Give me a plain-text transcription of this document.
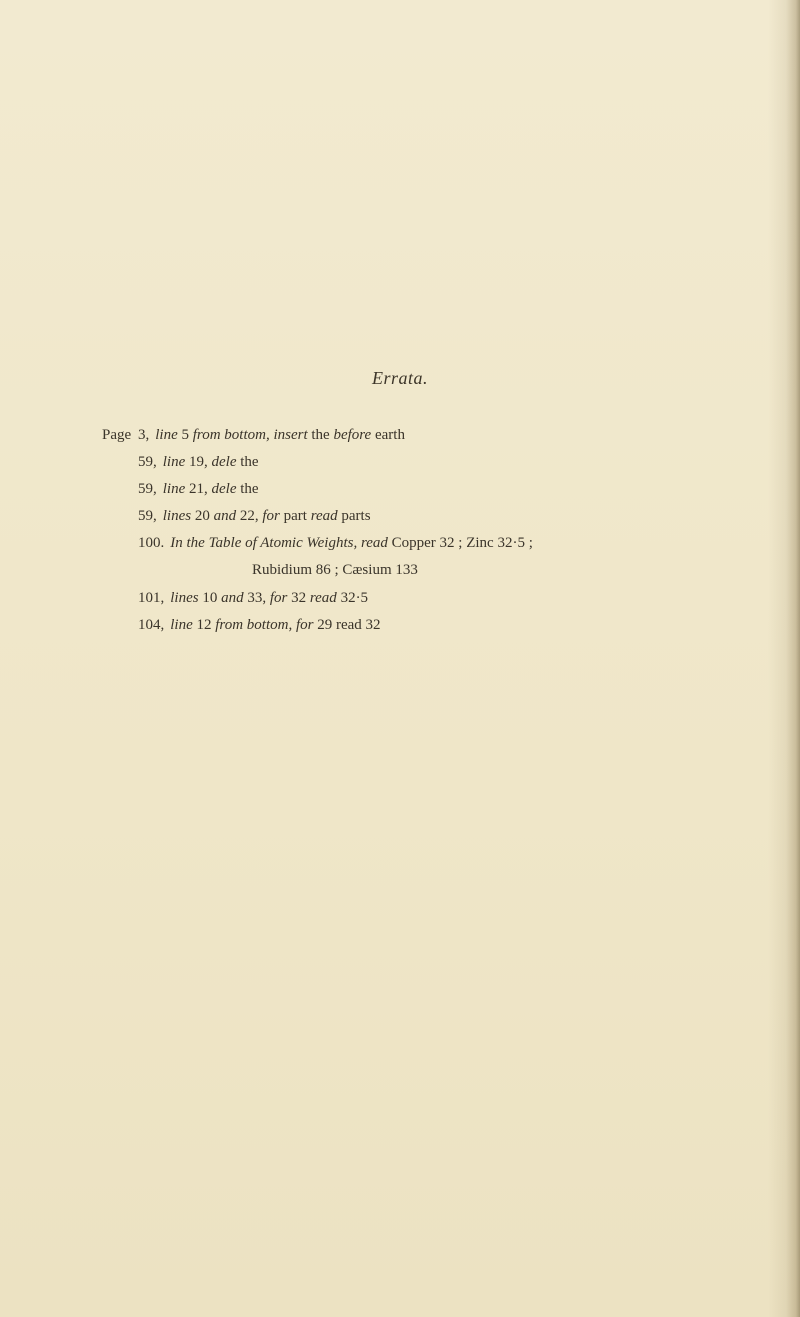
Errata.
Page 3, line 5 from bottom, insert the before earth
59, line 19, dele the
59, line 21, dele the
59, lines 20 and 22, for part read parts
100. In the Table of Atomic Weights, read Copper 32 ; Zinc 32·5 ;
Rubidium 86 ; Cæsium 133
101, lines 10 and 33, for 32 read 32·5
104, line 12 from bottom, for 29 read 32
